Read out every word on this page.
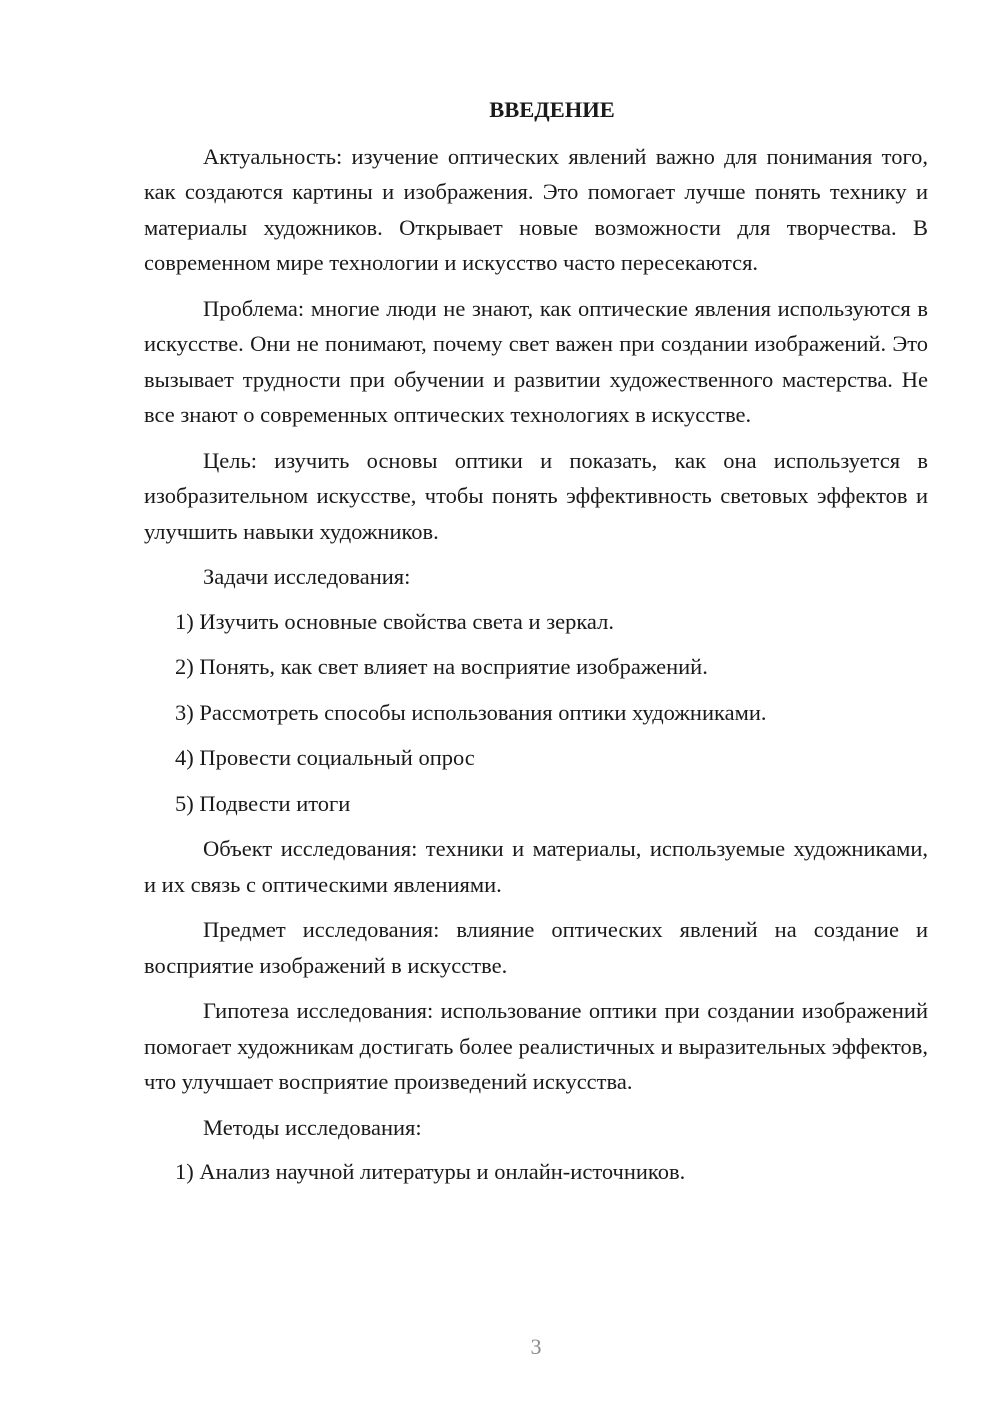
ВВЕДЕНИЕ

Актуальность: изучение оптических явлений важно для понимания того, как создаются картины и изображения. Это помогает лучше понять технику и материалы художников. Открывает новые возможности для творчества. В современном мире технологии и искусство часто пересекаются.

Проблема: многие люди не знают, как оптические явления используются в искусстве. Они не понимают, почему свет важен при создании изображений. Это вызывает трудности при обучении и развитии художественного мастерства. Не все знают о современных оптических технологиях в искусстве.

Цель: изучить основы оптики и показать, как она используется в изобразительном искусстве, чтобы понять эффективность световых эффектов и улучшить навыки художников.

Задачи исследования:

1) Изучить основные свойства света и зеркал.
2) Понять, как свет влияет на восприятие изображений.
3) Рассмотреть способы использования оптики художниками.
4) Провести социальный опрос
5) Подвести итоги

Объект исследования: техники и материалы, используемые художниками, и их связь с оптическими явлениями.

Предмет исследования: влияние оптических явлений на создание и восприятие изображений в искусстве.

Гипотеза исследования: использование оптики при создании изображений помогает художникам достигать более реалистичных и выразительных эффектов, что улучшает восприятие произведений искусства.

Методы исследования:

1) Анализ научной литературы и онлайн-источников.
3
